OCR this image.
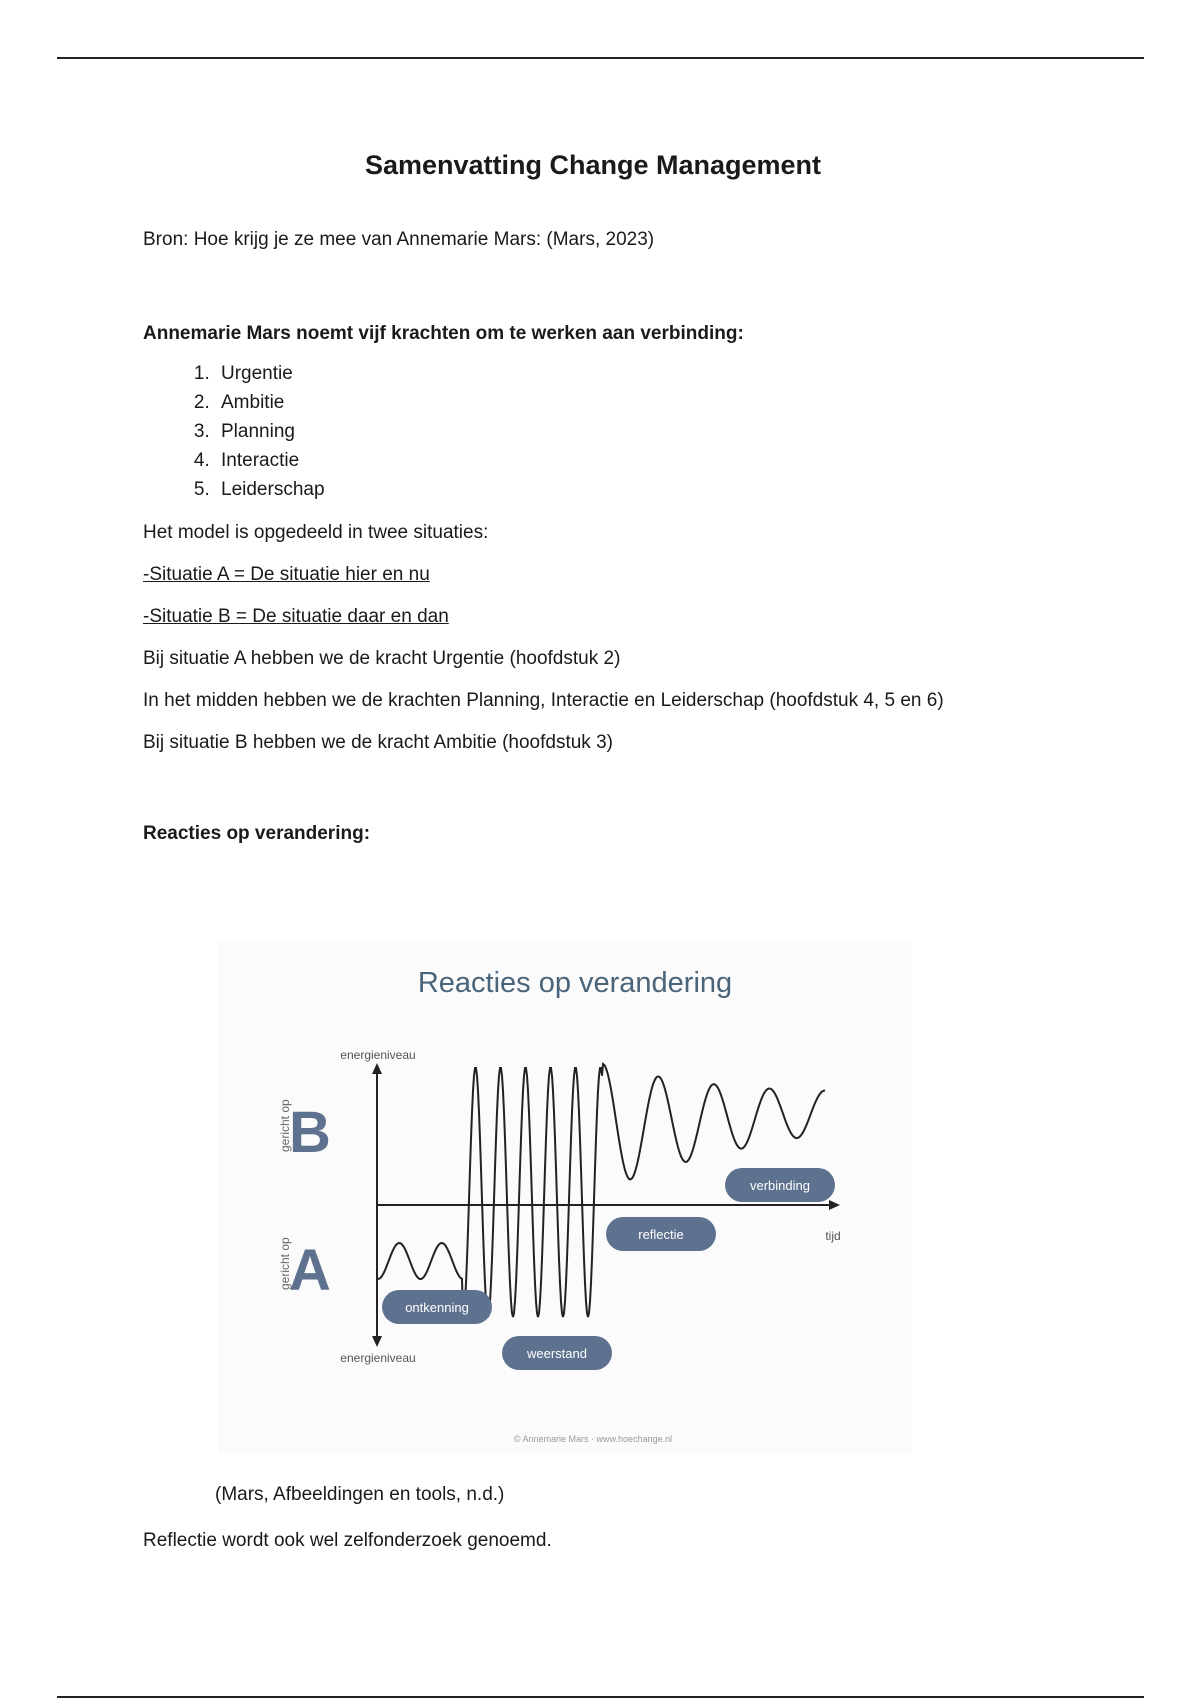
Samenvatting Change Management

Bron: Hoe krijg je ze mee van Annemarie Mars: (Mars, 2023)

Annemarie Mars noemt vijf krachten om te werken aan verbinding:

1. Urgentie
2. Ambitie
3. Planning
4. Interactie
5. Leiderschap

Het model is opgedeeld in twee situaties:

-Situatie A = De situatie hier en nu

-Situatie B = De situatie daar en dan

Bij situatie A hebben we de kracht Urgentie (hoofdstuk 2)

In het midden hebben we de krachten Planning, Interactie en Leiderschap (hoofdstuk 4, 5 en 6)

Bij situatie B hebben we de kracht Ambitie (hoofdstuk 3)

Reacties op verandering:

Reacties op verandering
energieniveau
energieniveau
tijd
B
A
gericht op
gericht op
ontkenning
weerstand
reflectie
verbinding
© Annemarie Mars · www.hoechange.nl

(Mars, Afbeeldingen en tools, n.d.)

Reflectie wordt ook wel zelfonderzoek genoemd.
